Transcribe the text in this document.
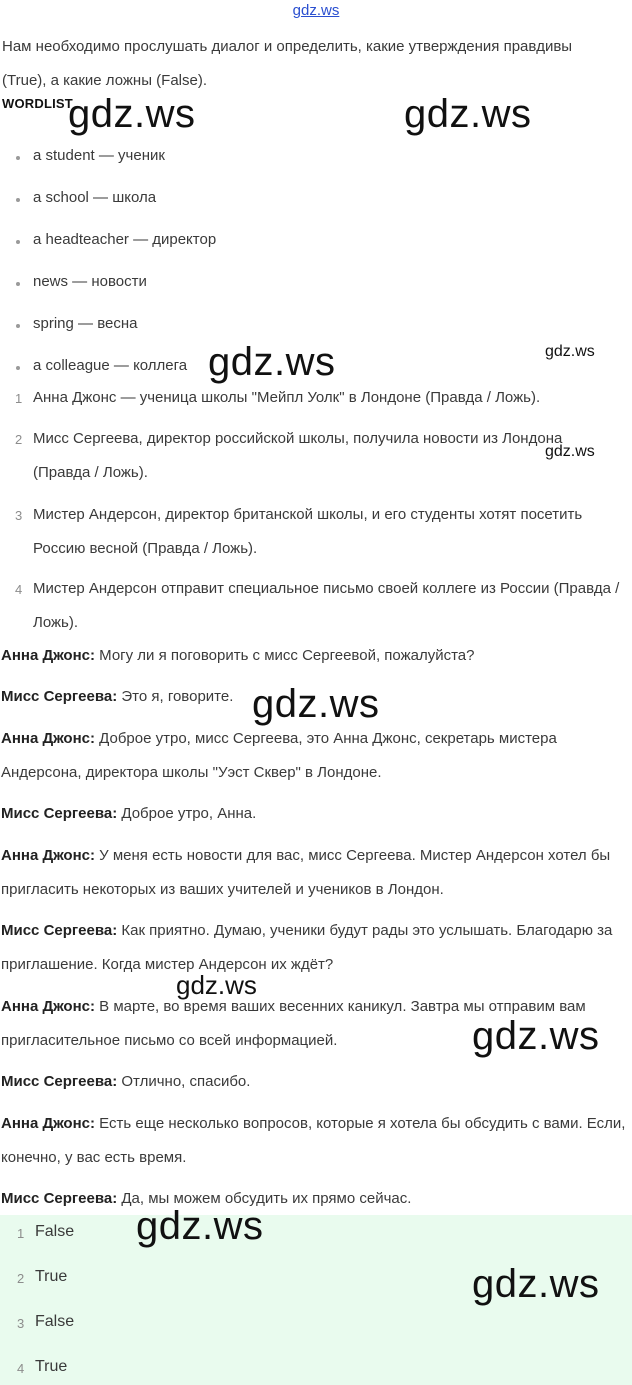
gdz.ws
Нам необходимо прослушать диалог и определить, какие утверждения правдивы (True), а какие ложны (False).
WORDLIST
a student — ученик
a school — школа
a headteacher — директор
news — новости
spring — весна
a colleague — коллега
1 Анна Джонс — ученица школы "Мейпл Уолк" в Лондоне (Правда / Ложь).
2 Мисс Сергеева, директор российской школы, получила новости из Лондона (Правда / Ложь).
3 Мистер Андерсон, директор британской школы, и его студенты хотят посетить Россию весной (Правда / Ложь).
4 Мистер Андерсон отправит специальное письмо своей коллеге из России (Правда / Ложь).
Анна Джонс: Могу ли я поговорить с мисс Сергеевой, пожалуйста?
Мисс Сергеева: Это я, говорите.
Анна Джонс: Доброе утро, мисс Сергеева, это Анна Джонс, секретарь мистера Андерсона, директора школы "Уэст Сквер" в Лондоне.
Мисс Сергеева: Доброе утро, Анна.
Анна Джонс: У меня есть новости для вас, мисс Сергеева. Мистер Андерсон хотел бы пригласить некоторых из ваших учителей и учеников в Лондон.
Мисс Сергеева: Как приятно. Думаю, ученики будут рады это услышать. Благодарю за приглашение. Когда мистер Андерсон их ждёт?
Анна Джонс: В марте, во время ваших весенних каникул. Завтра мы отправим вам пригласительное письмо со всей информацией.
Мисс Сергеева: Отлично, спасибо.
Анна Джонс: Есть еще несколько вопросов, которые я хотела бы обсудить с вами. Если, конечно, у вас есть время.
Мисс Сергеева: Да, мы можем обсудить их прямо сейчас.
1 False
2 True
3 False
4 True
gdz.ws	gdz.ws
gdz.ws	gdz.ws
gdz.ws
gdz.ws
gdz.ws
gdz.ws
gdz.ws
gdz.ws
